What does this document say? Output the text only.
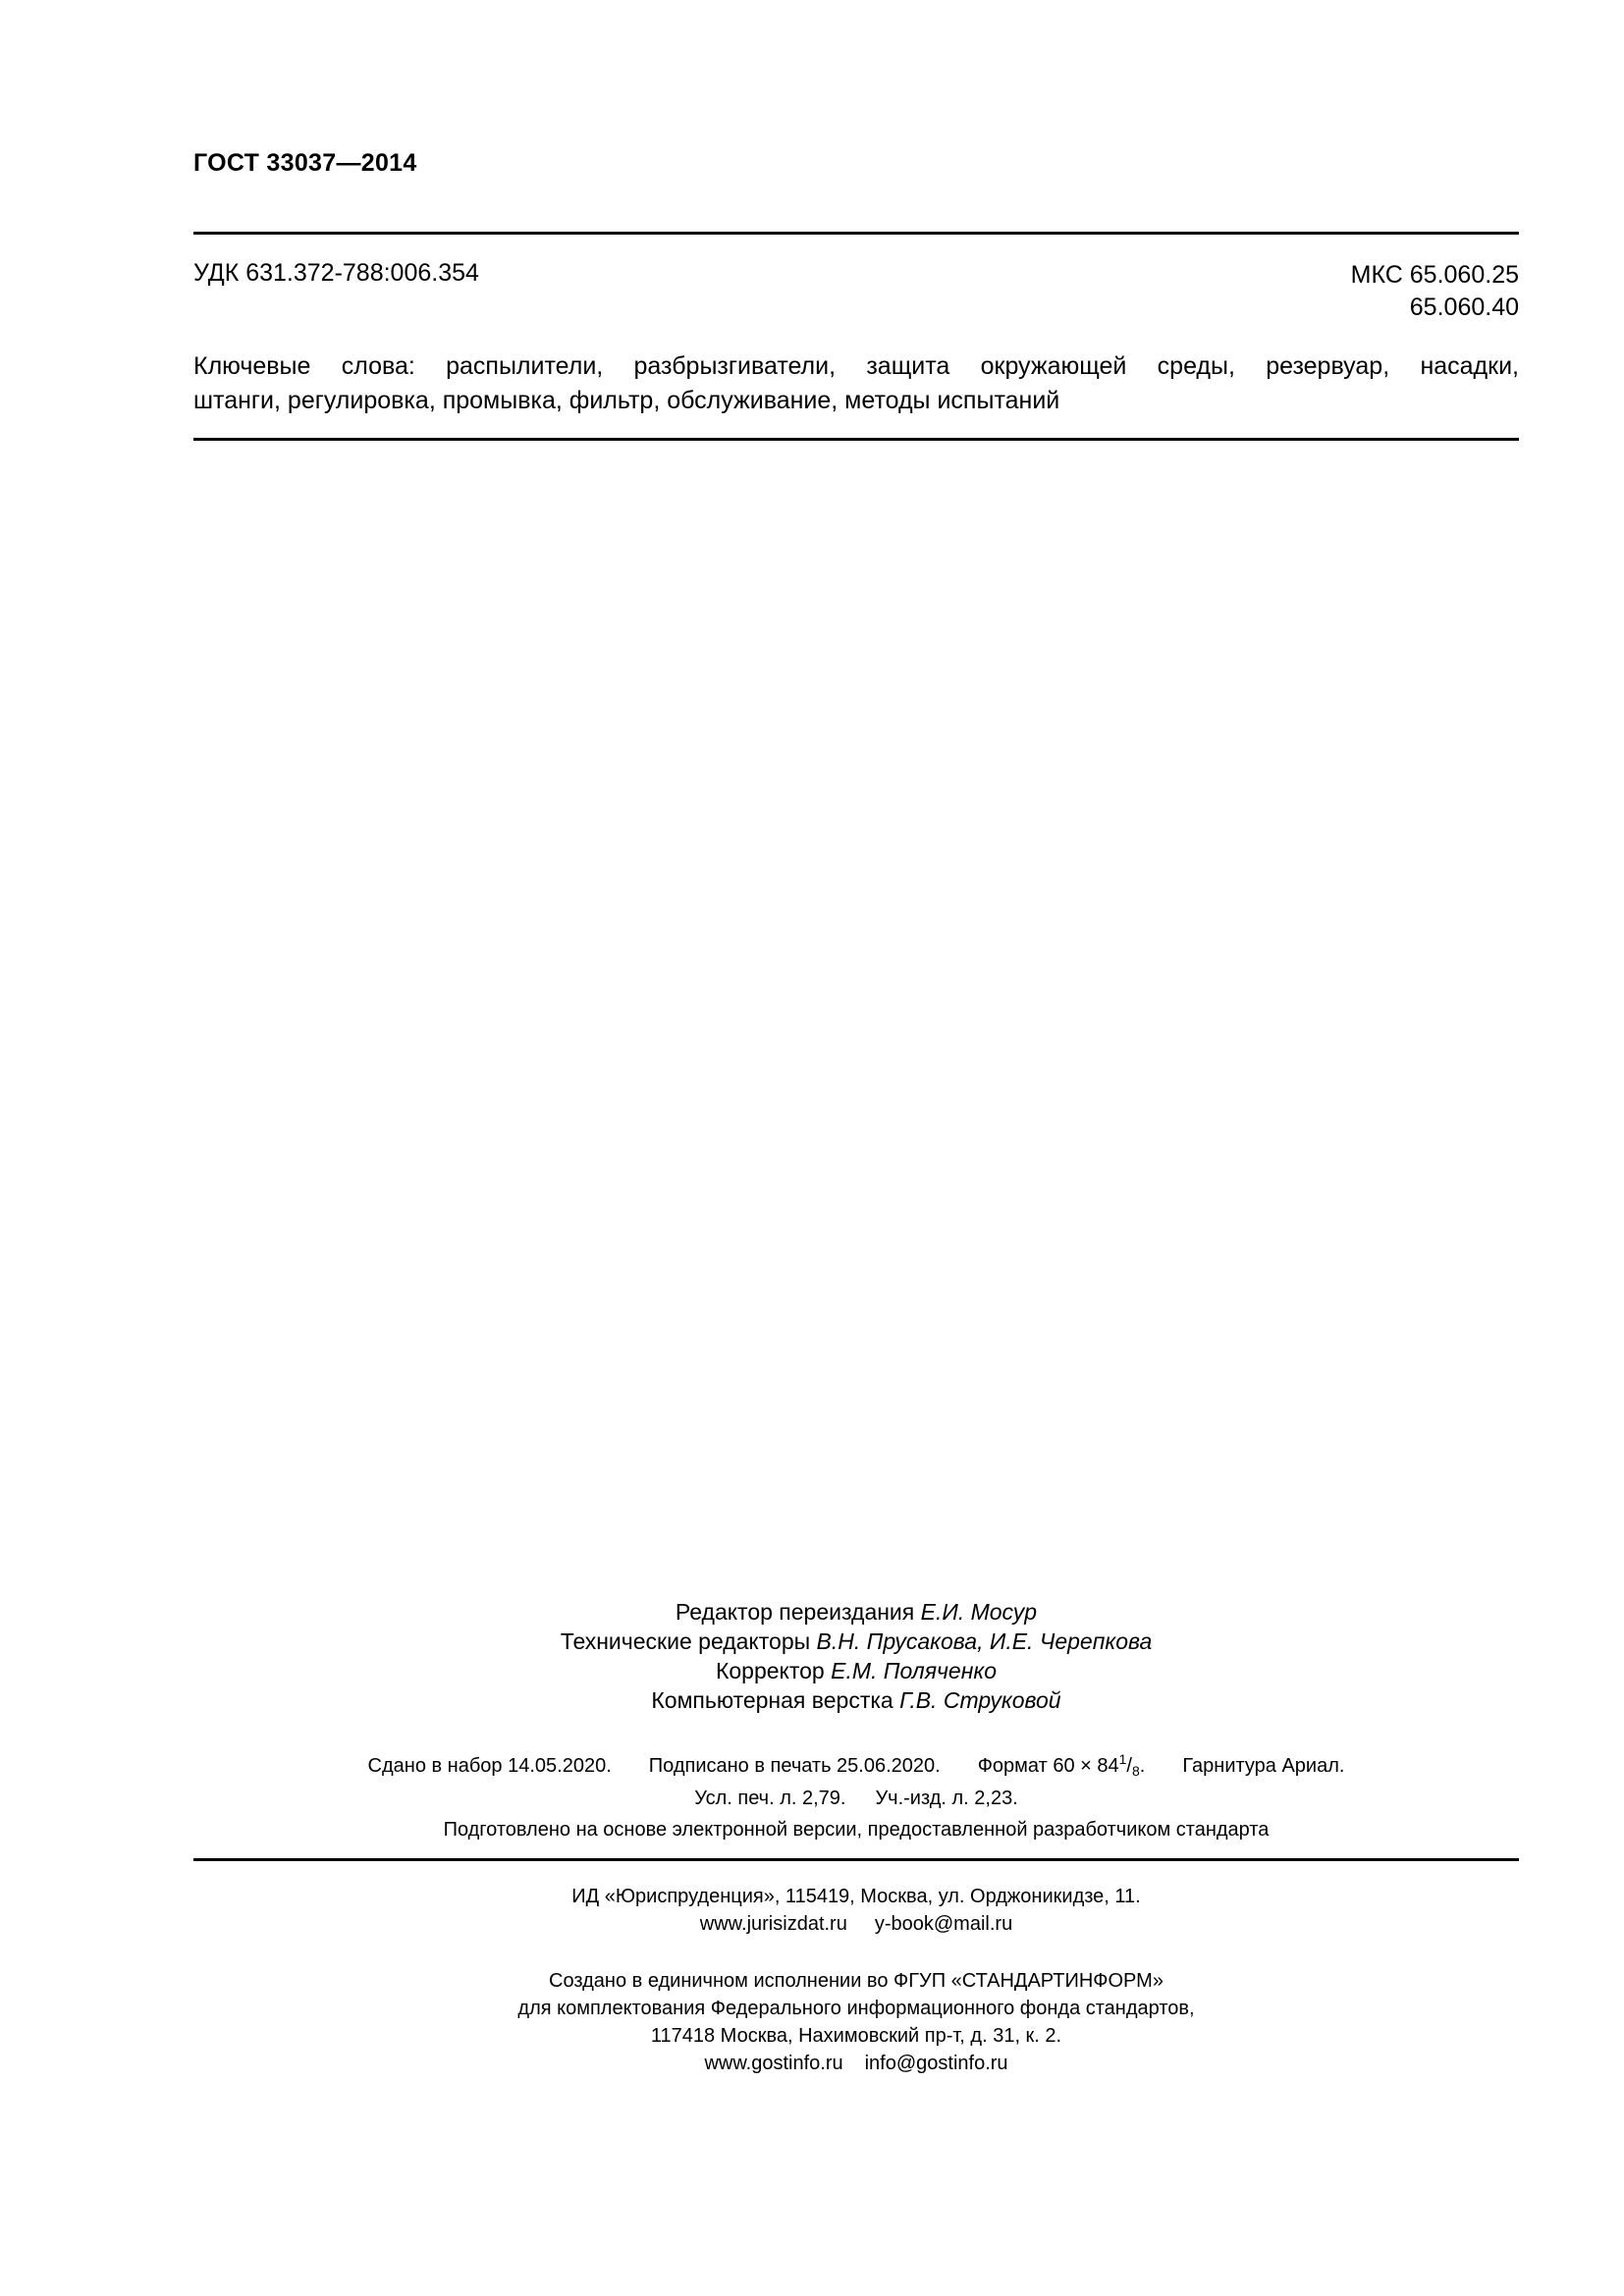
ГОСТ 33037—2014
УДК 631.372-788:006.354	МКС 65.060.25
65.060.40
Ключевые слова: распылители, разбрызгиватели, защита окружающей среды, резервуар, насадки,
штанги, регулировка, промывка, фильтр, обслуживание, методы испытаний
Редактор переиздания Е.И. Мосур
Технические редакторы В.Н. Прусакова, И.Е. Черепкова
Корректор Е.М. Поляченко
Компьютерная верстка Г.В. Струковой
Сдано в набор 14.05.2020. Подписано в печать 25.06.2020. Формат $60 \times 84^1/_8$. Гарнитура Ариал.
Усл. печ. л. 2,79. Уч.-изд. л. 2,23.
Подготовлено на основе электронной версии, предоставленной разработчиком стандарта
ИД «Юриспруденция», 115419, Москва, ул. Орджоникидзе, 11.
www.jurisizdat.ru y-book@mail.ru
Создано в единичном исполнении во ФГУП «СТАНДАРТИНФОРМ»
для комплектования Федерального информационного фонда стандартов,
117418 Москва, Нахимовский пр-т, д. 31, к. 2.
www.gostinfo.ru info@gostinfo.ru
